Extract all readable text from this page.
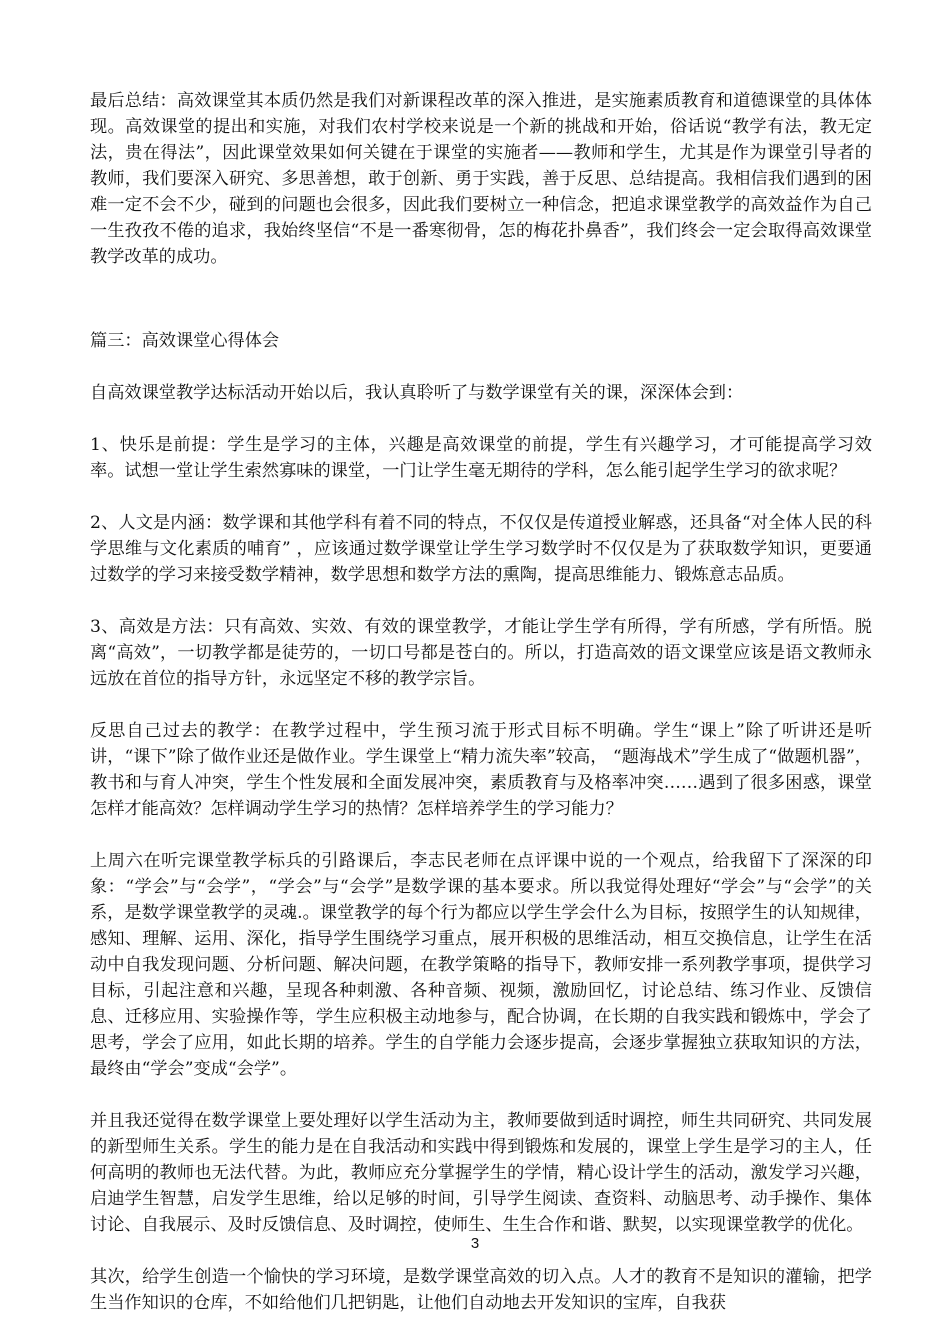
最后总结：高效课堂其本质仍然是我们对新课程改革的深入推进，是实施素质教育和道德课堂的具体体现。高效课堂的提出和实施，对我们农村学校来说是一个新的挑战和开始，俗话说“教学有法，教无定法，贵在得法”，因此课堂效果如何关键在于课堂的实施者——教师和学生，尤其是作为课堂引导者的教师，我们要深入研究、多思善想，敢于创新、勇于实践，善于反思、总结提高。我相信我们遇到的困难一定不会不少，碰到的问题也会很多，因此我们要树立一种信念，把追求课堂教学的高效益作为自己一生孜孜不倦的追求，我始终坚信“不是一番寒彻骨，怎的梅花扑鼻香”，我们终会一定会取得高效课堂教学改革的成功。

篇三：高效课堂心得体会

自高效课堂教学达标活动开始以后，我认真聆听了与数学课堂有关的课，深深体会到：

1、快乐是前提：学生是学习的主体，兴趣是高效课堂的前提，学生有兴趣学习，才可能提高学习效率。试想一堂让学生索然寡味的课堂，一门让学生毫无期待的学科，怎么能引起学生学习的欲求呢？

2、人文是内涵：数学课和其他学科有着不同的特点，不仅仅是传道授业解惑，还具备“对全体人民的科学思维与文化素质的哺育” ，应该通过数学课堂让学生学习数学时不仅仅是为了获取数学知识，更要通过数学的学习来接受数学精神，数学思想和数学方法的熏陶，提高思维能力、锻炼意志品质。

3、高效是方法：只有高效、实效、有效的课堂教学，才能让学生学有所得，学有所感，学有所悟。脱离“高效”，一切教学都是徒劳的，一切口号都是苍白的。所以，打造高效的语文课堂应该是语文教师永远放在首位的指导方针，永远坚定不移的教学宗旨。

反思自己过去的教学：在教学过程中，学生预习流于形式目标不明确。学生“课上”除了听讲还是听讲，“课下”除了做作业还是做作业。学生课堂上“精力流失率”较高， “题海战术”学生成了“做题机器”，教书和与育人冲突，学生个性发展和全面发展冲突，素质教育与及格率冲突……遇到了很多困惑，课堂怎样才能高效？怎样调动学生学习的热情？怎样培养学生的学习能力？

上周六在听完课堂教学标兵的引路课后，李志民老师在点评课中说的一个观点，给我留下了深深的印象：“学会”与“会学”，“学会”与“会学”是数学课的基本要求。所以我觉得处理好“学会”与“会学”的关系，是数学课堂教学的灵魂.。课堂教学的每个行为都应以学生学会什么为目标，按照学生的认知规律，感知、理解、运用、深化，指导学生围绕学习重点，展开积极的思维活动，相互交换信息，让学生在活动中自我发现问题、分析问题、解决问题，在教学策略的指导下，教师安排一系列教学事项，提供学习目标，引起注意和兴趣，呈现各种刺激、各种音频、视频，激励回忆，讨论总结、练习作业、反馈信息、迁移应用、实验操作等，学生应积极主动地参与，配合协调，在长期的自我实践和锻炼中，学会了思考，学会了应用，如此长期的培养。学生的自学能力会逐步提高，会逐步掌握独立获取知识的方法，最终由“学会”变成“会学”。

并且我还觉得在数学课堂上要处理好以学生活动为主，教师要做到适时调控，师生共同研究、共同发展的新型师生关系。学生的能力是在自我活动和实践中得到锻炼和发展的，课堂上学生是学习的主人，任何高明的教师也无法代替。为此，教师应充分掌握学生的学情，精心设计学生的活动，激发学习兴趣，启迪学生智慧，启发学生思维，给以足够的时间，引导学生阅读、查资料、动脑思考、动手操作、集体讨论、自我展示、及时反馈信息、及时调控，使师生、生生合作和谐、默契，以实现课堂教学的优化。

其次，给学生创造一个愉快的学习环境，是数学课堂高效的切入点。人才的教育不是知识的灌输，把学生当作知识的仓库，不如给他们几把钥匙，让他们自动地去开发知识的宝库，自我获

3
